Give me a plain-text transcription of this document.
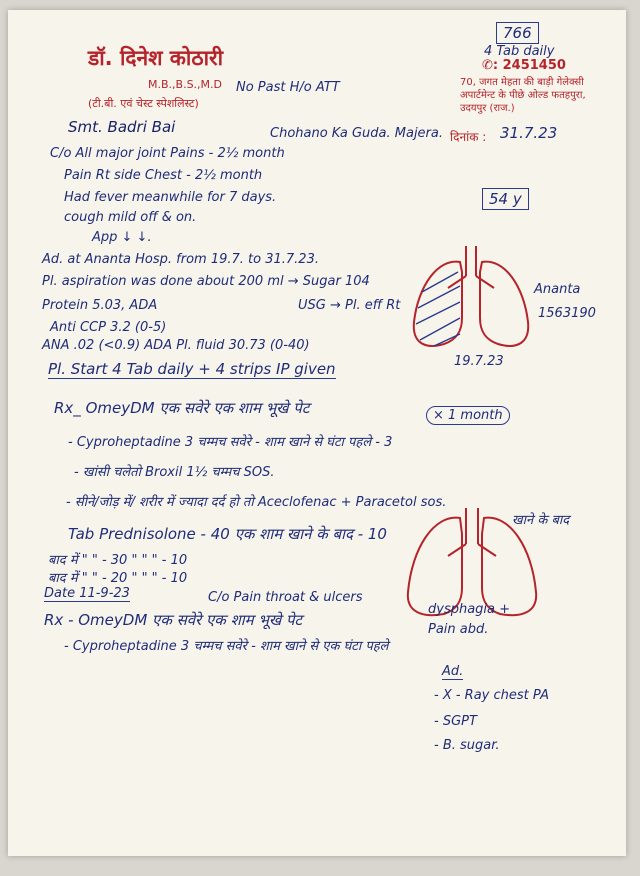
डॉ. दिनेश कोठारी
M.B.,B.S.,M.D
(टी.बी. एवं चेस्ट स्पेशलिस्ट)
✆: 2451450
70, जगत मेहता की बाड़ी गेलेक्सी अपार्टमेन्ट के पीछे ओल्ड फतहपुरा, उदयपुर (राज.)
दिनांक :
766
4 Tab daily
No Past H/o ATT
31.7.23
Smt. Badri Bai	Chohano Ka Guda. Majera.
54 y
C/o All major joint Pains - 2½ month
Pain Rt side Chest - 2½ month
Had fever meanwhile for 7 days.
cough mild off & on.
App ↓ ↓.
Ad. at Ananta Hosp. from 19.7. to 31.7.23.
Pl. aspiration was done about 200 ml → Sugar 104
Protein 5.03, ADA	USG → Pl. eff Rt
Anti CCP 3.2 (0-5)
ANA .02 (<0.9) ADA Pl. fluid 30.73 (0-40)
Ananta
1563190
19.7.23
Pl. Start 4 Tab daily + 4 strips IP given
Rx_ OmeyDM एक सवेरे एक शाम भूखे पेट	× 1 month
- Cyproheptadine 3 चम्मच सवेरे - शाम खाने से घंटा पहले - 3
- खांसी चलेतो Broxil 1½ चम्मच SOS.
- सीने/जोड़ में/ शरीर में ज्यादा दर्द हो तो Aceclofenac + Paracetol sos.
खाने के बाद
Tab Prednisolone - 40 एक शाम खाने के बाद - 10
बाद में " " - 30 " " " - 10
बाद में " " - 20 " " " - 10
Date 11-9-23	C/o Pain throat & ulcers
dysphagia +
Pain abd.
Rx - OmeyDM एक सवेरे एक शाम भूखे पेट
- Cyproheptadine 3 चम्मच सवेरे - शाम खाने से एक घंटा पहले
Ad.
- X - Ray chest PA
- SGPT
- B. sugar.
